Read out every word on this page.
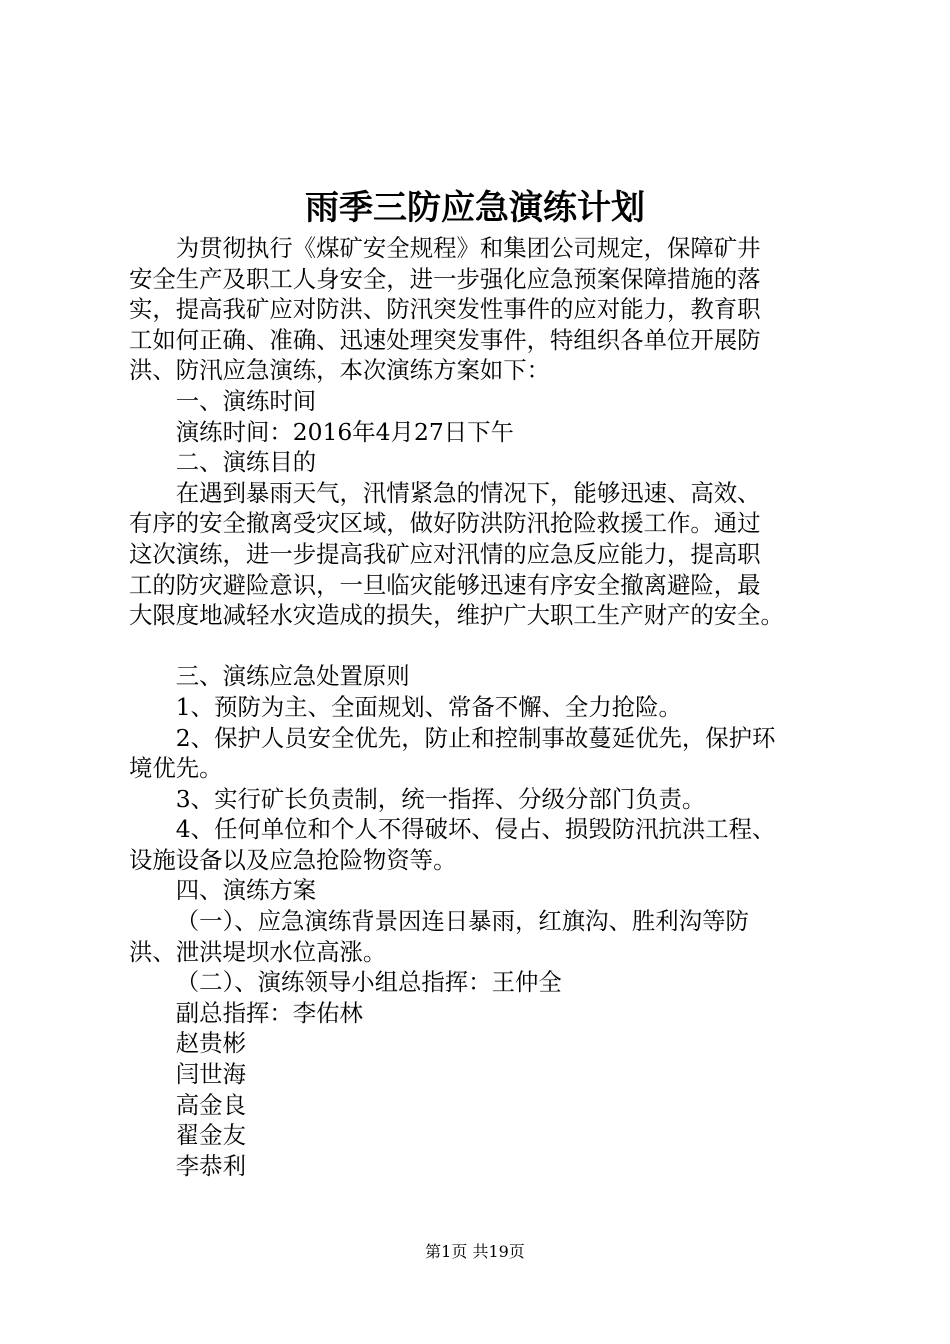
雨季三防应急演练计划

为贯彻执行《煤矿安全规程》和集团公司规定，保障矿井

安全生产及职工人身安全，进一步强化应急预案保障措施的落

实，提高我矿应对防洪、防汛突发性事件的应对能力，教育职

工如何正确、准确、迅速处理突发事件，特组织各单位开展防

洪、防汛应急演练，本次演练方案如下：

一、演练时间

演练时间：2016年4月27日下午

二、演练目的

在遇到暴雨天气，汛情紧急的情况下，能够迅速、高效、

有序的安全撤离受灾区域，做好防洪防汛抢险救援工作。通过

这次演练，进一步提高我矿应对汛情的应急反应能力，提高职

工的防灾避险意识，一旦临灾能够迅速有序安全撤离避险，最

大限度地减轻水灾造成的损失，维护广大职工生产财产的安全。

三、演练应急处置原则

1、预防为主、全面规划、常备不懈、全力抢险。

2、保护人员安全优先，防止和控制事故蔓延优先，保护环

境优先。

3、实行矿长负责制，统一指挥、分级分部门负责。

4、任何单位和个人不得破坏、侵占、损毁防汛抗洪工程、

设施设备以及应急抢险物资等。

四、演练方案

（一）、应急演练背景因连日暴雨，红旗沟、胜利沟等防

洪、泄洪堤坝水位高涨。

（二）、演练领导小组总指挥：王仲全

副总指挥：李佑林

赵贵彬

闫世海

高金良

翟金友

李恭利

第1页 共19页
